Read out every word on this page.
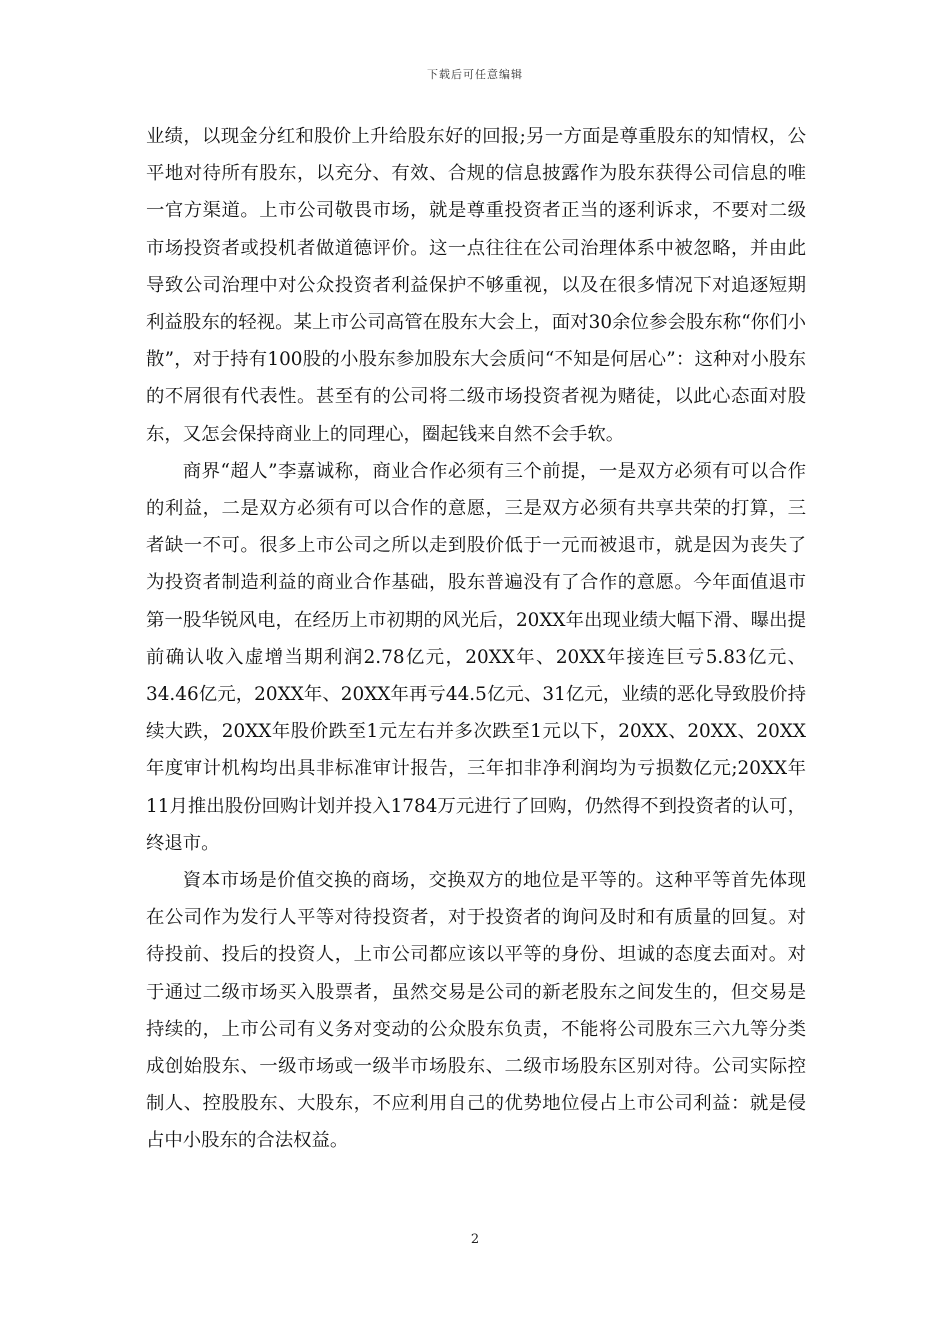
下载后可任意编辑

业绩，以现金分红和股价上升给股东好的回报;另一方面是尊重股东的知情权，公平地对待所有股东，以充分、有效、合规的信息披露作为股东获得公司信息的唯一官方渠道。上市公司敬畏市场，就是尊重投资者正当的逐利诉求，不要对二级市场投资者或投机者做道德评价。这一点往往在公司治理体系中被忽略，并由此导致公司治理中对公众投资者利益保护不够重视，以及在很多情况下对追逐短期利益股东的轻视。某上市公司高管在股东大会上，面对30余位参会股东称“你们小散”，对于持有100股的小股东参加股东大会质问“不知是何居心”：这种对小股东的不屑很有代表性。甚至有的公司将二级市场投资者视为赌徒，以此心态面对股东，又怎会保持商业上的同理心，圈起钱来自然不会手软。

商界“超人”李嘉诚称，商业合作必须有三个前提，一是双方必须有可以合作的利益，二是双方必须有可以合作的意愿，三是双方必须有共享共荣的打算，三者缺一不可。很多上市公司之所以走到股价低于一元而被退市，就是因为丧失了为投资者制造利益的商业合作基础，股东普遍没有了合作的意愿。今年面值退市第一股华锐风电，在经历上市初期的风光后，20XX年出现业绩大幅下滑、曝出提前确认收入虚增当期利润2.78亿元，20XX年、20XX年接连巨亏5.83亿元、34.46亿元，20XX年、20XX年再亏44.5亿元、31亿元，业绩的恶化导致股价持续大跌，20XX年股价跌至1元左右并多次跌至1元以下，20XX、20XX、20XX年度审计机构均出具非标准审计报告，三年扣非净利润均为亏损数亿元;20XX年11月推出股份回购计划并投入1784万元进行了回购，仍然得不到投资者的认可，终退市。

資本市场是价值交换的商场，交换双方的地位是平等的。这种平等首先体现在公司作为发行人平等对待投资者，对于投资者的询问及时和有质量的回复。对待投前、投后的投资人，上市公司都应该以平等的身份、坦诚的态度去面对。对于通过二级市场买入股票者，虽然交易是公司的新老股东之间发生的，但交易是持续的，上市公司有义务对变动的公众股东负责，不能将公司股东三六九等分类成创始股东、一级市场或一级半市场股东、二级市场股东区别对待。公司实际控制人、控股股东、大股东，不应利用自己的优势地位侵占上市公司利益：就是侵占中小股东的合法权益。

2
